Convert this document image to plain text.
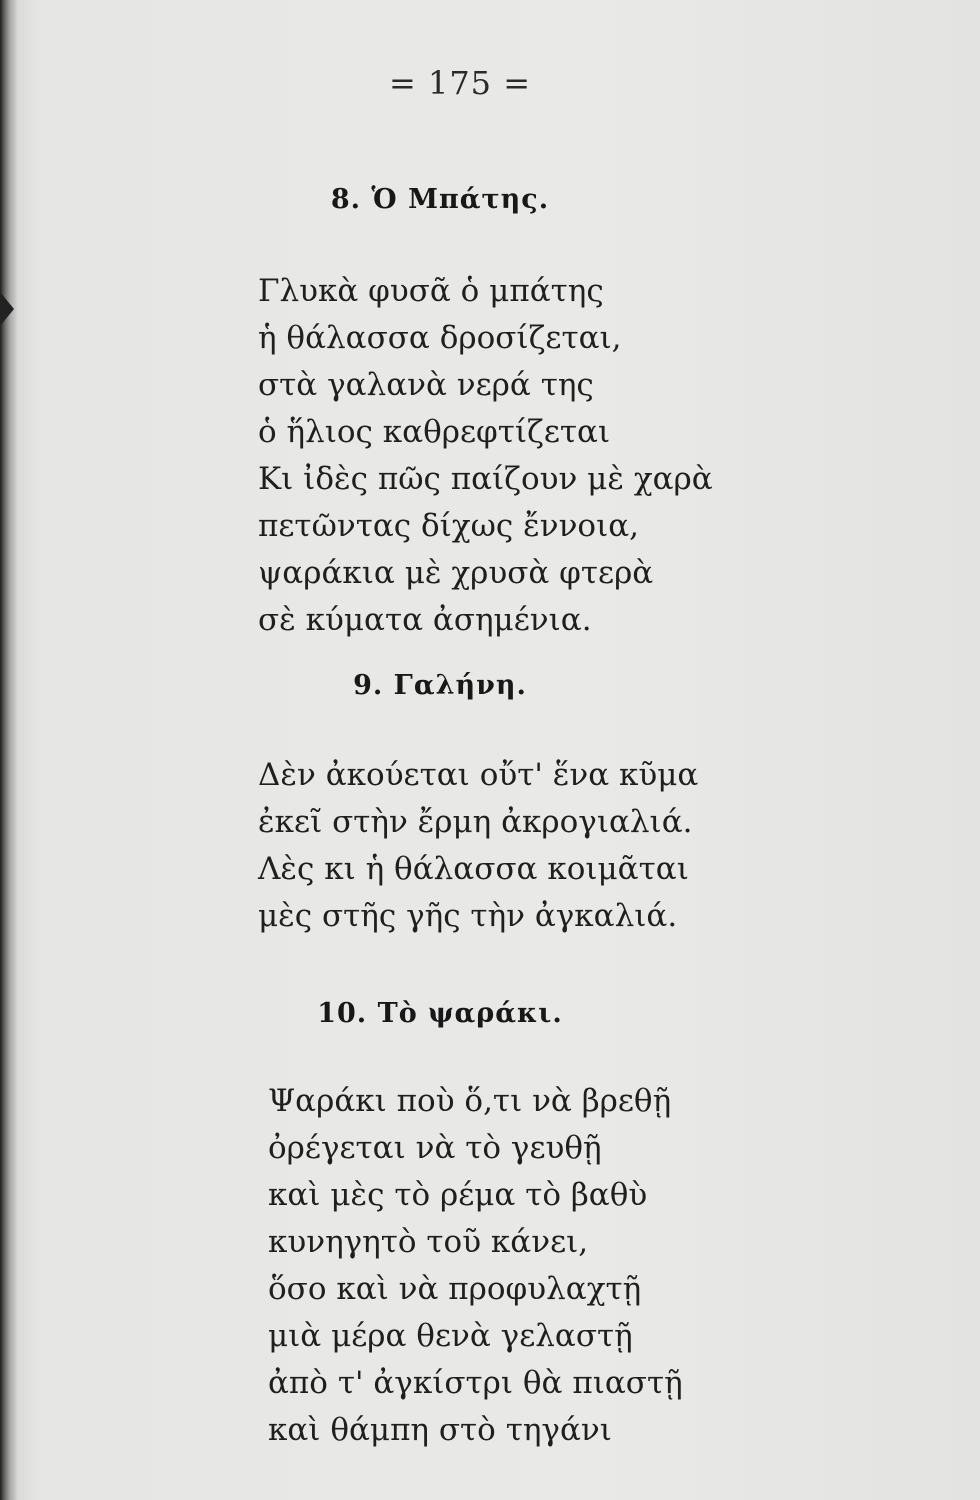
= 175 =
8. Ὁ Μπάτης.
Γλυκὰ φυσᾶ ὁ μπάτης
ἡ θάλασσα δροσίζεται,
στὰ γαλανὰ νερά της
ὁ ἥλιος καθρεφτίζεται
Κι ἰδὲς πῶς παίζουν μὲ χαρὰ
πετῶντας δίχως ἔννοια,
ψαράκια μὲ χρυσὰ φτερὰ
σὲ κύματα ἀσημένια.
9. Γαλήνη.
Δὲν ἀκούεται οὔτ' ἕνα κῦμα
ἐκεῖ στὴν ἔρμη ἀκρογιαλιά.
Λὲς κι ἡ θάλασσα κοιμᾶται
μὲς στῆς γῆς τὴν ἀγκαλιά.
10. Τὸ ψαράκι.
Ψαράκι ποὺ ὅ,τι νὰ βρεθῇ
ὀρέγεται νὰ τὸ γευθῇ
καὶ μὲς τὸ ρέμα τὸ βαθὺ
κυνηγητὸ τοῦ κάνει,
ὅσο καὶ νὰ προφυλαχτῇ
μιὰ μέρα θενὰ γελαστῇ
ἀπὸ τ' ἀγκίστρι θὰ πιαστῇ
καὶ θάμπη στὸ τηγάνι
